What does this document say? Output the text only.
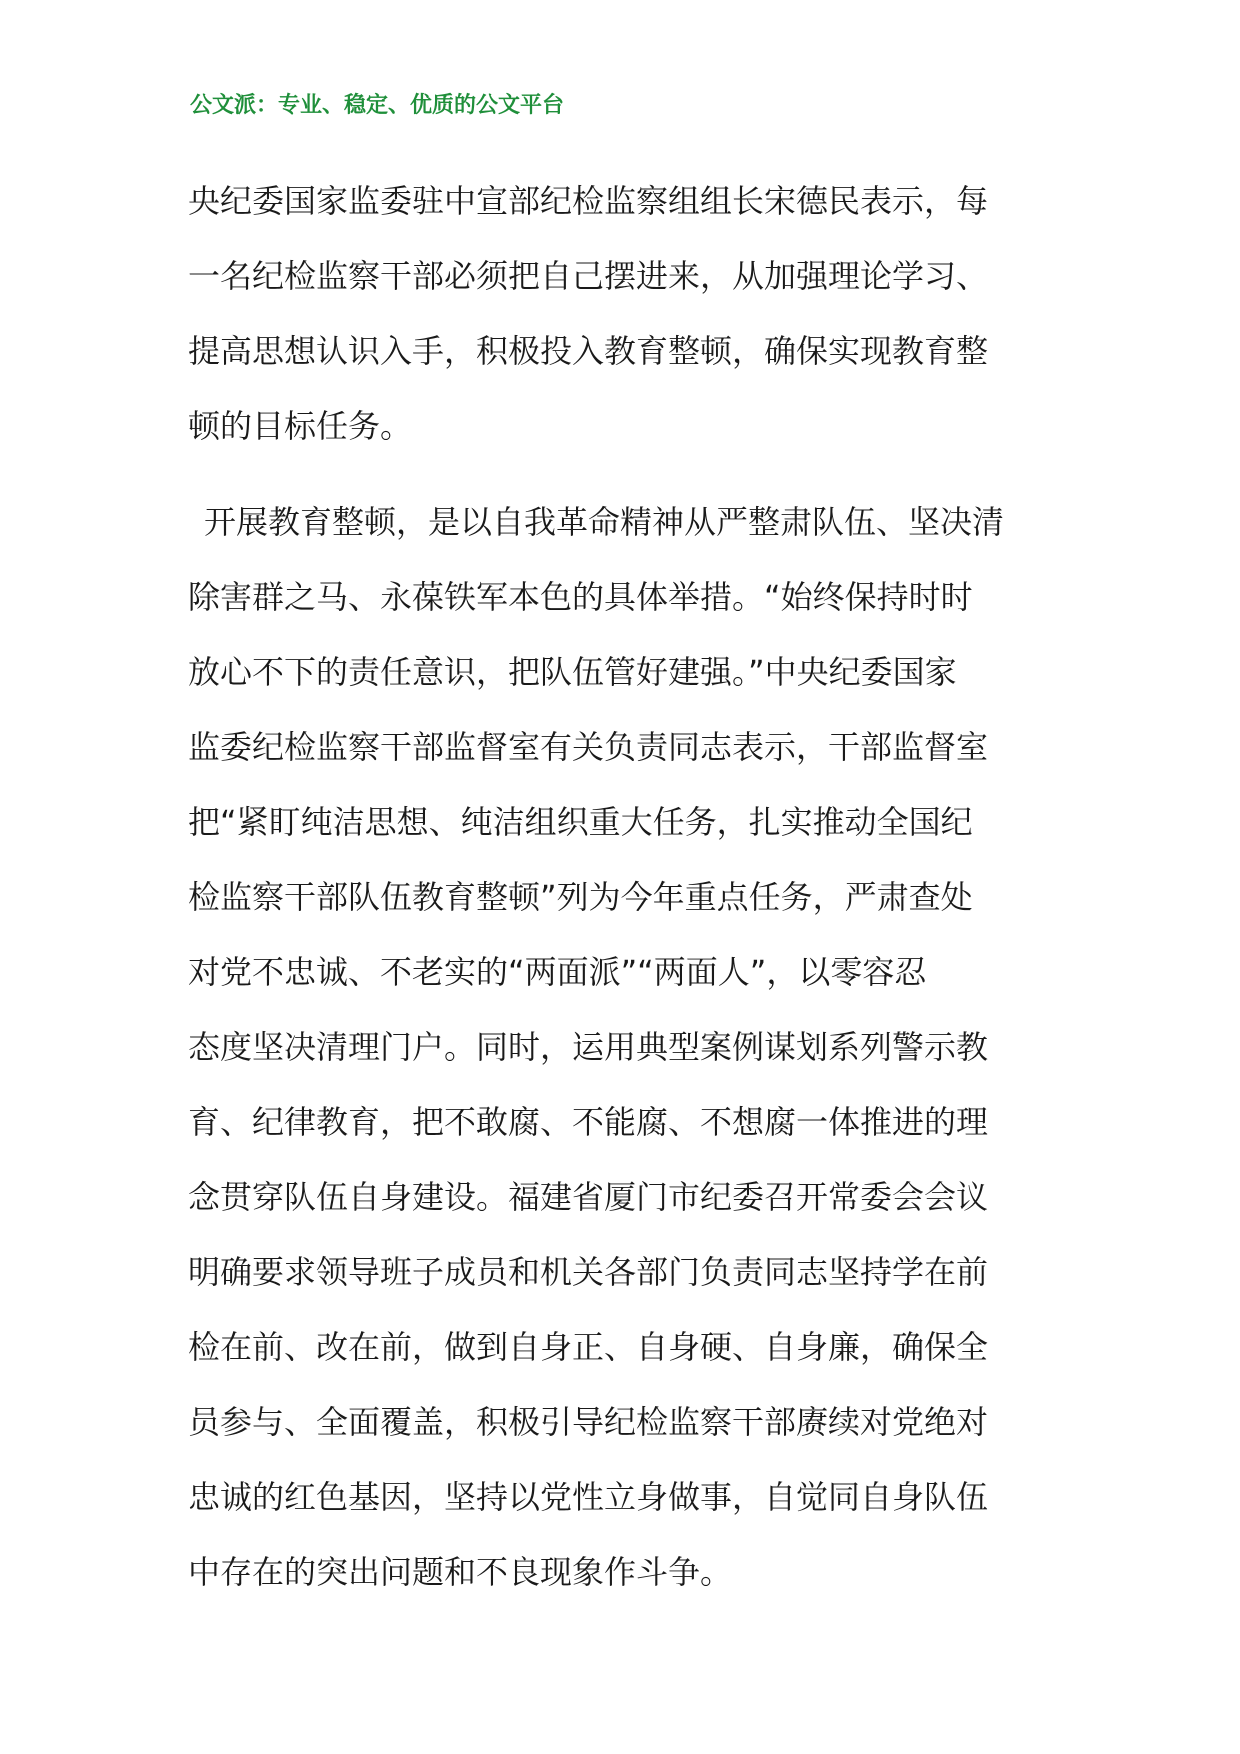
公文派：专业、稳定、优质的公文平台
央纪委国家监委驻中宣部纪检监察组组长宋德民表示，每
一名纪检监察干部必须把自己摆进来，从加强理论学习、
提高思想认识入手，积极投入教育整顿，确保实现教育整
顿的目标任务。
开展教育整顿，是以自我革命精神从严整肃队伍、坚决清
除害群之马、永葆铁军本色的具体举措。“始终保持时时
放心不下的责任意识，把队伍管好建强。”中央纪委国家
监委纪检监察干部监督室有关负责同志表示，干部监督室
把“紧盯纯洁思想、纯洁组织重大任务，扎实推动全国纪
检监察干部队伍教育整顿”列为今年重点任务，严肃查处
对党不忠诚、不老实的“两面派”“两面人”，以零容忍
态度坚决清理门户。同时，运用典型案例谋划系列警示教
育、纪律教育，把不敢腐、不能腐、不想腐一体推进的理
念贯穿队伍自身建设。福建省厦门市纪委召开常委会会议
明确要求领导班子成员和机关各部门负责同志坚持学在前
检在前、改在前，做到自身正、自身硬、自身廉，确保全
员参与、全面覆盖，积极引导纪检监察干部赓续对党绝对
忠诚的红色基因，坚持以党性立身做事，自觉同自身队伍
中存在的突出问题和不良现象作斗争。
